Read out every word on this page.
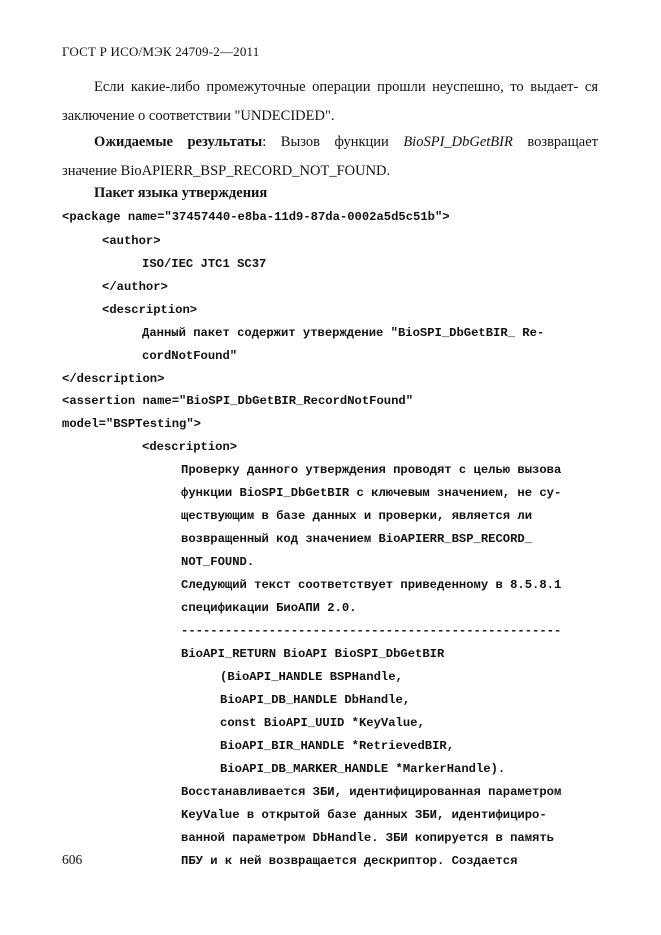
ГОСТ Р ИСО/МЭК 24709-2—2011
Если какие-либо промежуточные операции прошли неуспешно, то выдает- ся заключение о соответствии "UNDECIDED".
Ожидаемые результаты: Вызов функции BioSPI_DbGetBIR возвращает значение BioAPIERR_BSP_RECORD_NOT_FOUND.
Пакет языка утверждения
<package name="37457440-e8ba-11d9-87da-0002a5d5c51b">
<author>
ISO/IEC JTC1 SC37
</author>
<description>
Данный пакет содержит утверждение "BioSPI_DbGetBIR_ Re-
cordNotFound"
</description>
<assertion name="BioSPI_DbGetBIR_RecordNotFound"
model="BSPTesting">
<description>
Проверку данного утверждения проводят с целью вызова
функции BioSPI_DbGetBIR с ключевым значением, не су-
ществующим в базе данных и проверки, является ли
возвращенный код значением BioAPIERR_BSP_RECORD_
NOT_FOUND.
Следующий текст соответствует приведенному в 8.5.8.1
спецификации БиоАПИ 2.0.
----------------------------------------------------
BioAPI_RETURN BioAPI BioSPI_DbGetBIR
(BioAPI_HANDLE BSPHandle,
BioAPI_DB_HANDLE DbHandle,
const BioAPI_UUID *KeyValue,
BioAPI_BIR_HANDLE *RetrievedBIR,
BioAPI_DB_MARKER_HANDLE *MarkerHandle).
Восстанавливается ЗБИ, идентифицированная параметром
KeyValue в открытой базе данных ЗБИ, идентифициро-
ванной параметром DbHandle. ЗБИ копируется в память
ПБУ и к ней возвращается дескриптор. Создается
606
